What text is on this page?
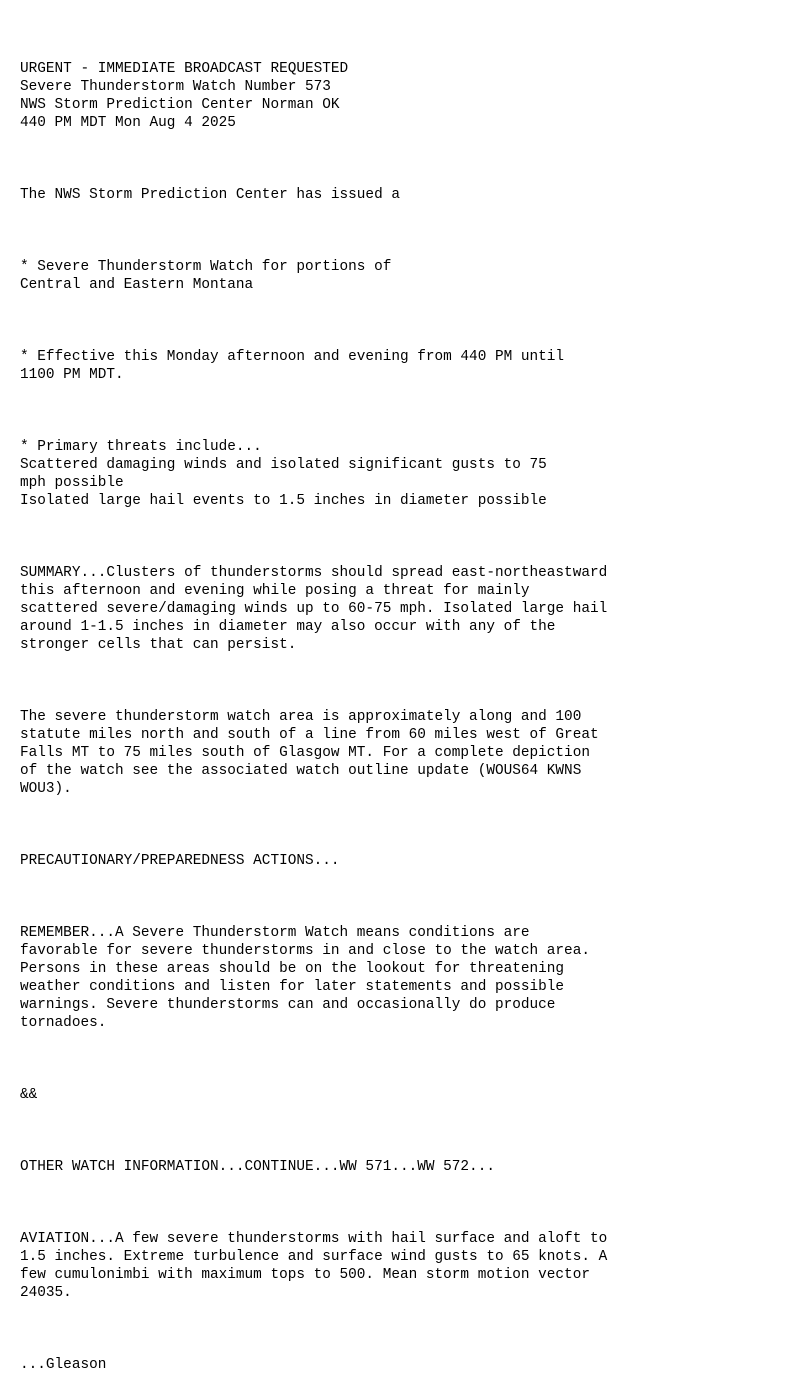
URGENT - IMMEDIATE BROADCAST REQUESTED
Severe Thunderstorm Watch Number 573
NWS Storm Prediction Center Norman OK
440 PM MDT Mon Aug 4 2025

The NWS Storm Prediction Center has issued a

* Severe Thunderstorm Watch for portions of
Central and Eastern Montana

* Effective this Monday afternoon and evening from 440 PM until
1100 PM MDT.

* Primary threats include...
Scattered damaging winds and isolated significant gusts to 75
mph possible
Isolated large hail events to 1.5 inches in diameter possible

SUMMARY...Clusters of thunderstorms should spread east-northeastward
this afternoon and evening while posing a threat for mainly
scattered severe/damaging winds up to 60-75 mph. Isolated large hail
around 1-1.5 inches in diameter may also occur with any of the
stronger cells that can persist.

The severe thunderstorm watch area is approximately along and 100
statute miles north and south of a line from 60 miles west of Great
Falls MT to 75 miles south of Glasgow MT. For a complete depiction
of the watch see the associated watch outline update (WOUS64 KWNS
WOU3).

PRECAUTIONARY/PREPAREDNESS ACTIONS...

REMEMBER...A Severe Thunderstorm Watch means conditions are
favorable for severe thunderstorms in and close to the watch area.
Persons in these areas should be on the lookout for threatening
weather conditions and listen for later statements and possible
warnings. Severe thunderstorms can and occasionally do produce
tornadoes.

&&

OTHER WATCH INFORMATION...CONTINUE...WW 571...WW 572...

AVIATION...A few severe thunderstorms with hail surface and aloft to
1.5 inches. Extreme turbulence and surface wind gusts to 65 knots. A
few cumulonimbi with maximum tops to 500. Mean storm motion vector
24035.

...Gleason
